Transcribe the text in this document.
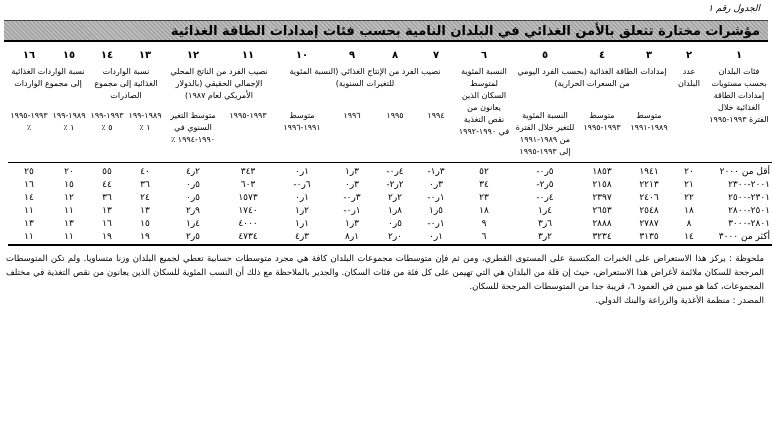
الجدول رقم ١
مؤشرات مختارة تتعلق بالأمن الغذائي في البلدان النامية بحسب فئات إمدادات الطاقة الغذائية
١	٢	٣	٤	٥	٦	٧	٨	٩	١٠	١١	١٢	١٣	١٤	١٥	١٦
فئات البلدان بحسب مستويات إمدادات الطاقة الغذائية خلال الفترة ١٩٩٣-١٩٩٥	عدد البلدان	إمدادات الطاقة الغذائية (بحسب الفرد اليومي من السعرات الحرارية)			النسبة المئوية لمتوسط السكان الذين يعانون من نقص التغذية في ١٩٩٠-١٩٩٢	نصيب الفرد من الإنتاج الغذائي (النسبة المئوية للتغيرات السنوية)				نصيب الفرد من الناتج المحلي الإجمالي الحقيقي (بالدولار الأمريكي لعام ١٩٨٧)		نسبة الواردات الغذائية إلى مجموع الصادرات		نسبة الواردات الغذائية إلى مجموع الواردات	
		متوسط ١٩٨٩-١٩٩١	متوسط ١٩٩٣-١٩٩٥	النسبة المئوية للتغير خلال الفترة من ١٩٨٩-١٩٩١ إلى ١٩٩٣-١٩٩٥		١٩٩٤	١٩٩٥	١٩٩٦	متوسط ١٩٩١-١٩٩٦	١٩٩٣-١٩٩٥	متوسط التغير السنوي في ١٩٩٠-١٩٩٤ ٪	١٩٨٩-١٩٩١ ٪	١٩٩٣-١٩٩٥ ٪	١٩٨٩-١٩٩١ ٪	١٩٩٣-١٩٩٥ ٪
أقل من ٢٠٠٠	٢٠	١٩٤١	١٨٥٣	٥ر٠-	٥٢	٣ر١-	٤ر٠-	٣ر١	١ر٠	٣٤٣	٢ر٤	٤٠	٥٥	٢٠	٢٥
٢٠٠١-٢٣٠٠	٢١	٢٢١٣	٢١٥٨	٥ر٢-	٣٤	٣ر٠	٢ر٢-	٣ر٠	٦ر٠-	٦٠٣	٥ر٠	٣٦	٤٤	١٥	١٦
٢٣٠١-٢٥٠٠	٢٢	٢٤٠٦	٢٣٩٧	٤ر٠-	٢٣	١ر٠-	٢ر٢	٣ر٠-	١ر٠	١٥٧٣	٥ر٠	٢٤	٣٦	١٢	١٤
٢٥٠١-٢٨٠٠	١٨	٢٥٤٨	٢٦٥٣	٤ر١	١٨	٥ر١	٨ر١	١ر٠-	٢ر١	١٧٤٠	٩ر٢	١٣	١٣	١١	١١
٢٨٠١-٣٠٠٠	٨	٢٧٨٧	٢٨٨٨	٦ر٣	٩	١ر٠-	٥ر٠	٣ر١	١ر١	٤٠٠٠	٤ر١	١٥	١٦	١٣	١٣
أكثر من ٣٠٠٠	١٤	٣١٣٥	٣٢٣٤	٢ر٣	٦	١ر٠	٠ر٢	١ر٨	٣ر٤	٤٧٣٤	٥ر٢	١٩	١٩	١١	١١
ملحوظة : يركز هذا الاستعراض على الخبرات المكتسبة على المستوى القطري، ومن ثم فإن متوسطات مجموعات البلدان كافة هي مجرد متوسطات حسابية تعطي لجميع البلدان وزنا متساويا. ولم تكن المتوسطات المرجحة للسكان ملائمة لأغراض هذا الاستعراض، حيث إن قلة من البلدان هي التي تهيمن على كل فئة من فئات السكان. والجدير بالملاحظة مع ذلك أن النسب المئوية للسكان الذين يعانون من نقص التغذية في مختلف المجموعات، كما هو مبين في العمود ٦، قريبة جدا من المتوسطات المرجحة للسكان.
المصدر : منظمة الأغذية والزراعة والبنك الدولي.
